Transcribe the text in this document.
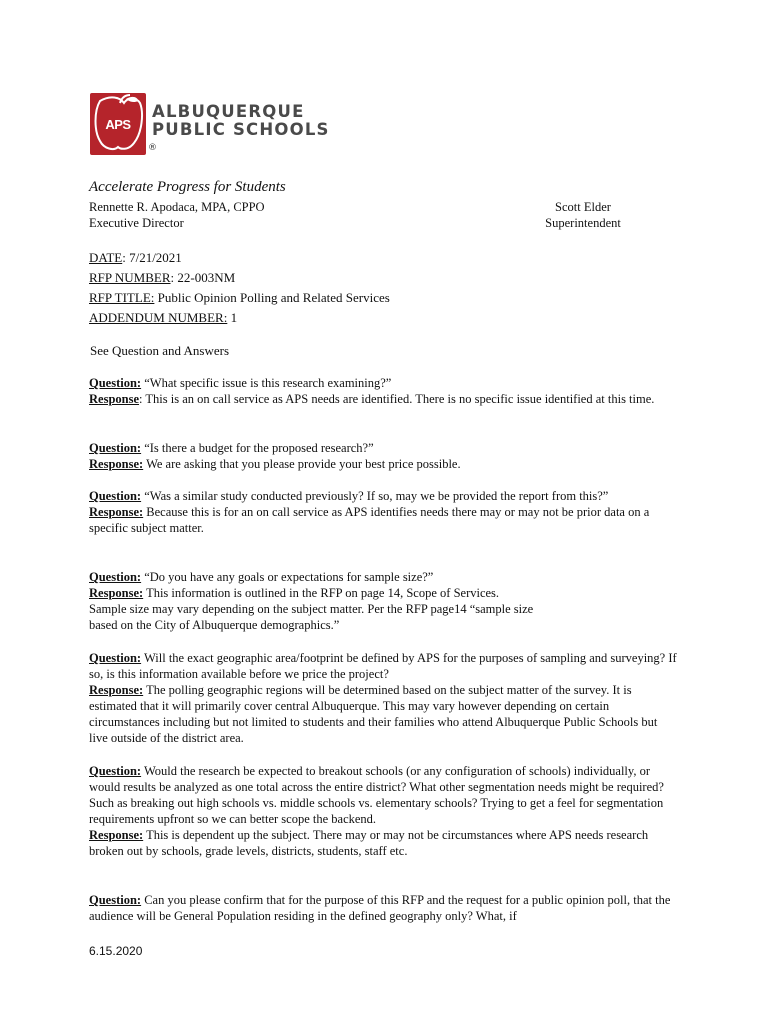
APS
®
ALBUQUERQUE
PUBLIC SCHOOLS
Accelerate Progress for Students
Rennette R. Apodaca, MPA, CPPO
Executive Director
Scott Elder
Superintendent
DATE: 7/21/2021
RFP NUMBER: 22-003NM
RFP TITLE: Public Opinion Polling and Related Services
ADDENDUM NUMBER: 1
See Question and Answers

Question: “What specific issue is this research examining?”

Response: This is an on call service as APS needs are identified. There is no specific issue identified at this time.

Question: “Is there a budget for the proposed research?”

Response: We are asking that you please provide your best price possible.

Question: “Was a similar study conducted previously? If so, may we be provided the report from this?”

Response: Because this is for an on call service as APS identifies needs there may or may not be prior data on a specific subject matter.

Question: “Do you have any goals or expectations for sample size?”

Response: This information is outlined in the RFP on page 14, Scope of Services.

Sample size may vary depending on the subject matter. Per the RFP page14 “sample size

based on the City of Albuquerque demographics.”

Question: Will the exact geographic area/footprint be defined by APS for the purposes of sampling and surveying? If so, is this information available before we price the project?

Response: The polling geographic regions will be determined based on the subject matter of the survey. It is estimated that it will primarily cover central Albuquerque. This may vary however depending on certain circumstances including but not limited to students and their families who attend Albuquerque Public Schools but live outside of the district area.

Question: Would the research be expected to breakout schools (or any configuration of schools) individually, or would results be analyzed as one total across the entire district? What other segmentation needs might be required? Such as breaking out high schools vs. middle schools vs. elementary schools? Trying to get a feel for segmentation requirements upfront so we can better scope the backend.

Response: This is dependent up the subject. There may or may not be circumstances where APS needs research broken out by schools, grade levels, districts, students, staff etc.

Question: Can you please confirm that for the purpose of this RFP and the request for a public opinion poll, that the audience will be General Population residing in the defined geography only? What, if

6.15.2020
